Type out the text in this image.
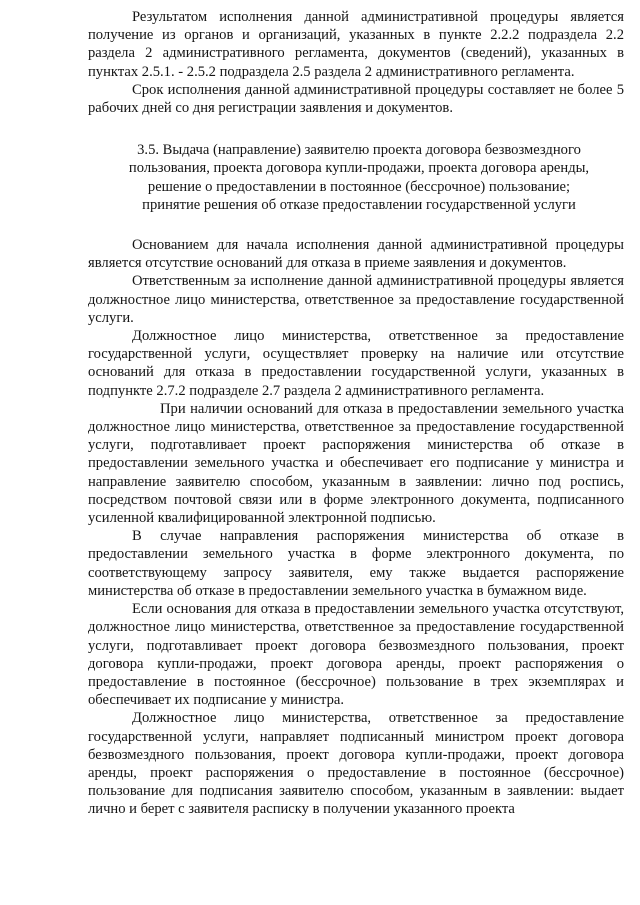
Результатом исполнения данной административной процедуры является получение из органов и организаций, указанных в пункте 2.2.2 подраздела 2.2 раздела 2 административного регламента, документов (сведений), указанных в пунктах 2.5.1. - 2.5.2 подраздела 2.5 раздела 2 административного регламента.

Срок исполнения данной административной процедуры составляет не более 5 рабочих дней со дня регистрации заявления и документов.

3.5. Выдача (направление) заявителю проекта договора безвозмездного пользования, проекта договора купли-продажи, проекта договора аренды, решение о предоставлении в постоянное (бессрочное) пользование; принятие решения об отказе предоставлении государственной услуги

Основанием для начала исполнения данной административной процедуры является отсутствие оснований для отказа в приеме заявления и документов.

Ответственным за исполнение данной административной процедуры является должностное лицо министерства, ответственное за предоставление государственной услуги.

Должностное лицо министерства, ответственное за предоставление государственной услуги, осуществляет проверку на наличие или отсутствие оснований для отказа в предоставлении государственной услуги, указанных в подпункте 2.7.2 подразделе 2.7 раздела 2 административного регламента.

При наличии оснований для отказа в предоставлении земельного участка должностное лицо министерства, ответственное за предоставление государственной услуги, подготавливает проект распоряжения министерства об отказе в предоставлении земельного участка и обеспечивает его подписание у министра и направление заявителю способом, указанным в заявлении: лично под роспись, посредством почтовой связи или в форме электронного документа, подписанного усиленной квалифицированной электронной подписью.

В случае направления распоряжения министерства об отказе в предоставлении земельного участка в форме электронного документа, по соответствующему запросу заявителя, ему также выдается распоряжение министерства об отказе в предоставлении земельного участка в бумажном виде.

Если основания для отказа в предоставлении земельного участка отсутствуют, должностное лицо министерства, ответственное за предоставление государственной услуги, подготавливает проект договора безвозмездного пользования, проект договора купли-продажи, проект договора аренды, проект распоряжения о предоставление в постоянное (бессрочное) пользование в трех экземплярах и обеспечивает их подписание у министра.

Должностное лицо министерства, ответственное за предоставление государственной услуги, направляет подписанный министром проект договора безвозмездного пользования, проект договора купли-продажи, проект договора аренды, проект распоряжения о предоставление в постоянное (бессрочное) пользование для подписания заявителю способом, указанным в заявлении: выдает лично и берет с заявителя расписку в получении указанного проекта
